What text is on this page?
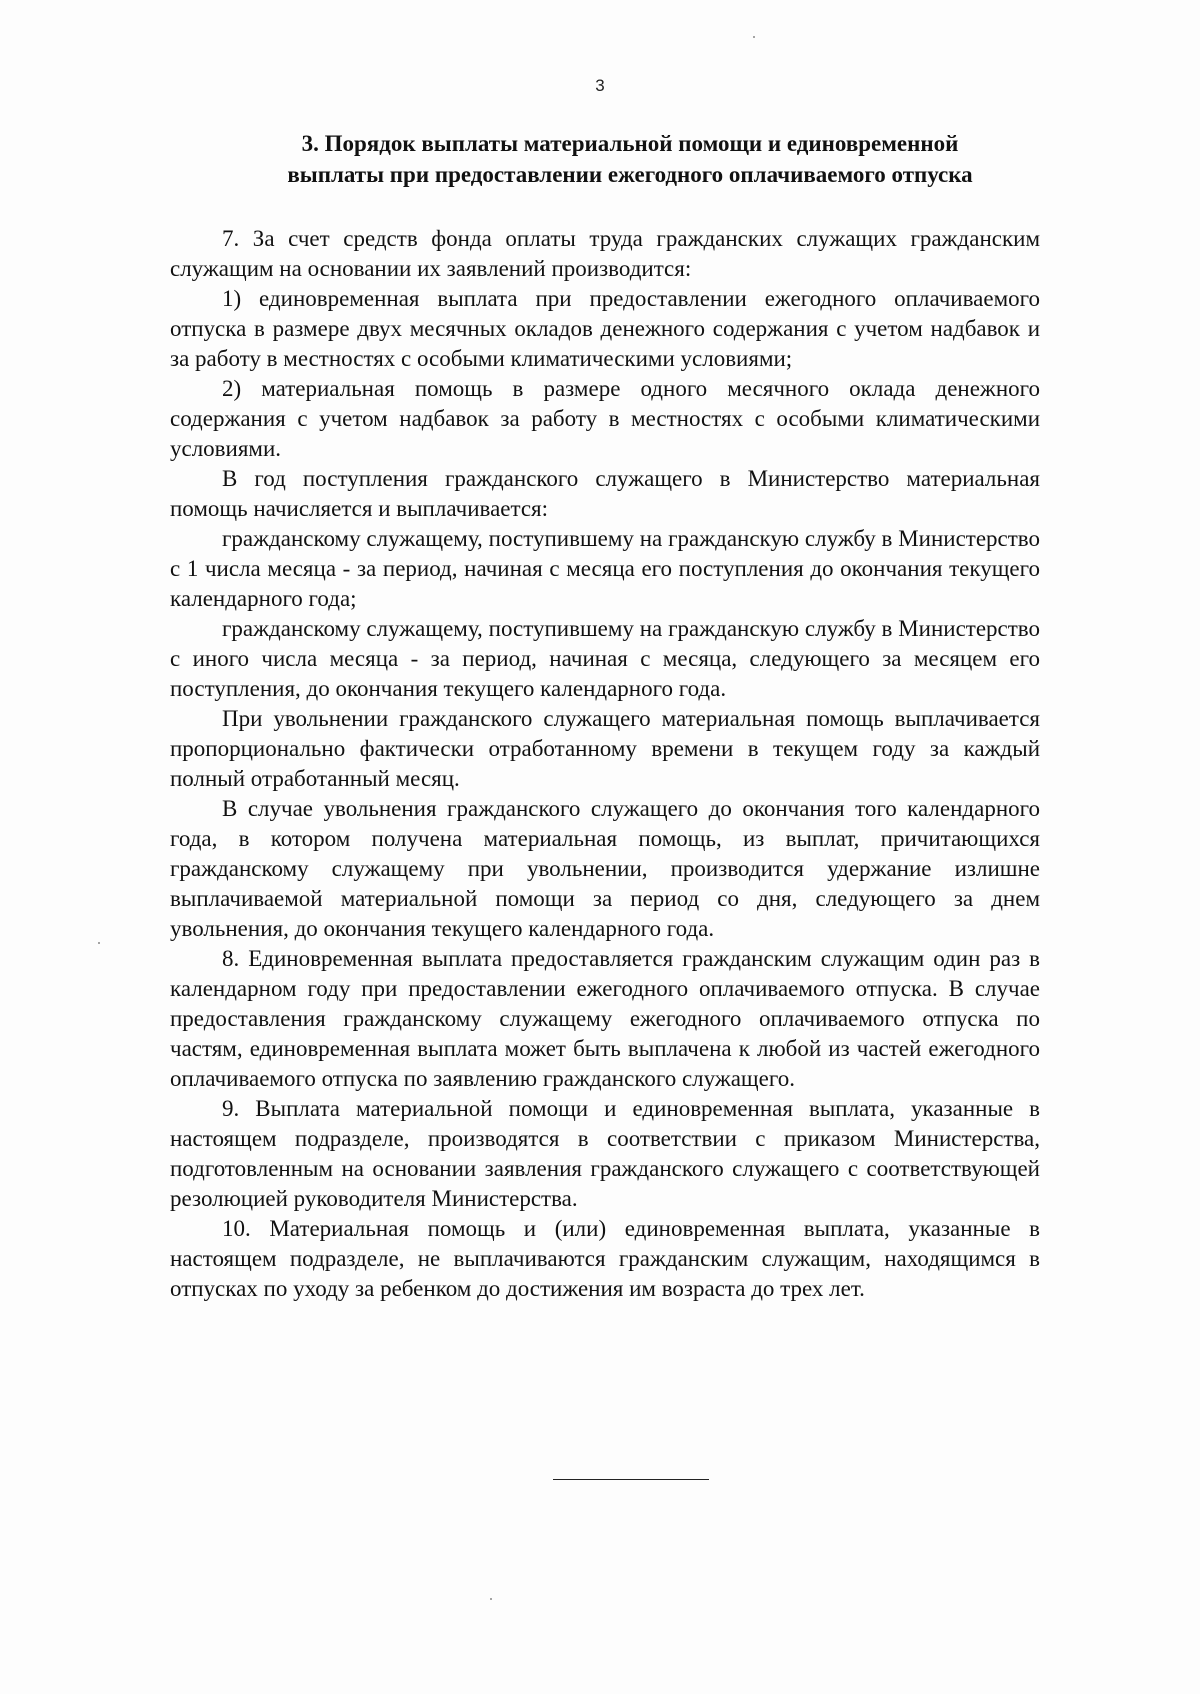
3
3. Порядок выплаты материальной помощи и единовременной
выплаты при предоставлении ежегодного оплачиваемого отпуска

7. За счет средств фонда оплаты труда гражданских служащих гражданским служащим на основании их заявлений производится:

1) единовременная выплата при предоставлении ежегодного оплачиваемого отпуска в размере двух месячных окладов денежного содержания с учетом надбавок и за работу в местностях с особыми климатическими условиями;

2) материальная помощь в размере одного месячного оклада денежного содержания с учетом надбавок за работу в местностях с особыми климатическими условиями.

В год поступления гражданского служащего в Министерство материальная помощь начисляется и выплачивается:

гражданскому служащему, поступившему на гражданскую службу в Министерство с 1 числа месяца - за период, начиная с месяца его поступления до окончания текущего календарного года;

гражданскому служащему, поступившему на гражданскую службу в Министерство с иного числа месяца - за период, начиная с месяца, следующего за месяцем его поступления, до окончания текущего календарного года.

При увольнении гражданского служащего материальная помощь выплачивается пропорционально фактически отработанному времени в текущем году за каждый полный отработанный месяц.

В случае увольнения гражданского служащего до окончания того календарного года, в котором получена материальная помощь, из выплат, причитающихся гражданскому служащему при увольнении, производится удержание излишне выплачиваемой материальной помощи за период со дня, следующего за днем увольнения, до окончания текущего календарного года.

8. Единовременная выплата предоставляется гражданским служащим один раз в календарном году при предоставлении ежегодного оплачиваемого отпуска. В случае предоставления гражданскому служащему ежегодного оплачиваемого отпуска по частям, единовременная выплата может быть выплачена к любой из частей ежегодного оплачиваемого отпуска по заявлению гражданского служащего.

9. Выплата материальной помощи и единовременная выплата, указанные в настоящем подразделе, производятся в соответствии с приказом Министерства, подготовленным на основании заявления гражданского служащего с соответствующей резолюцией руководителя Министерства.

10. Материальная помощь и (или) единовременная выплата, указанные в настоящем подразделе, не выплачиваются гражданским служащим, находящимся в отпусках по уходу за ребенком до достижения им возраста до трех лет.
